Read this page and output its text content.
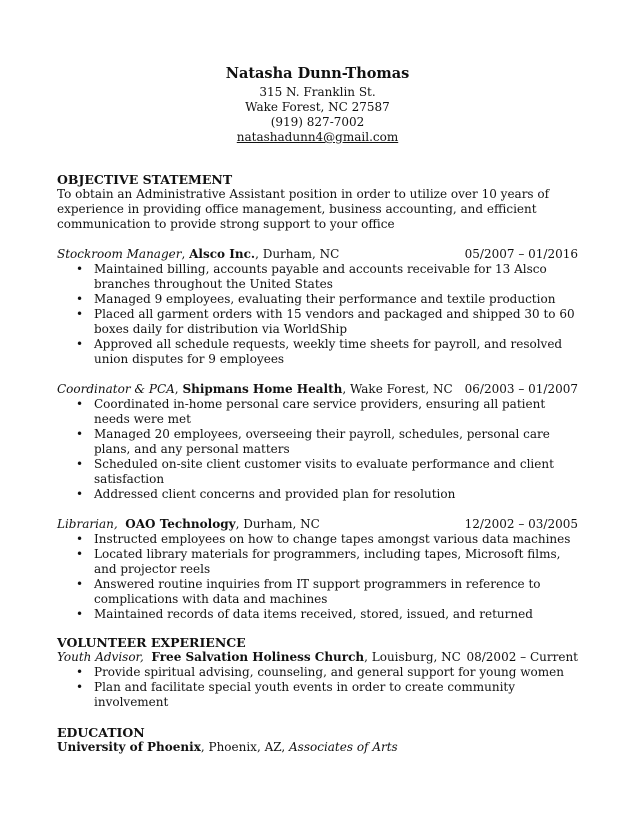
Natasha Dunn-Thomas
315 N. Franklin St.
Wake Forest, NC 27587
(919) 827-7002
natashadunn4@gmail.com
OBJECTIVE STATEMENT

To obtain an Administrative Assistant position in order to utilize over 10 years of experience in providing office management, business accounting, and efficient communication to provide strong support to your office

Stockroom Manager, Alsco Inc., Durham, NC	05/2007 – 01/2016
• Maintained billing, accounts payable and accounts receivable for 13 Alsco branches throughout the United States
• Managed 9 employees, evaluating their performance and textile production
• Placed all garment orders with 15 vendors and packaged and shipped 30 to 60 boxes daily for distribution via WorldShip
• Approved all schedule requests, weekly time sheets for payroll, and resolved union disputes for 9 employees
Coordinator & PCA, Shipmans Home Health, Wake Forest, NC 06/2003 – 01/2007
• Coordinated in-home personal care service providers, ensuring all patient needs were met
• Managed 20 employees, overseeing their payroll, schedules, personal care plans, and any personal matters
• Scheduled on-site client customer visits to evaluate performance and client satisfaction
• Addressed client concerns and provided plan for resolution
Librarian, OAO Technology, Durham, NC	12/2002 – 03/2005
• Instructed employees on how to change tapes amongst various data machines
• Located library materials for programmers, including tapes, Microsoft films, and projector reels
• Answered routine inquiries from IT support programmers in reference to complications with data and machines
• Maintained records of data items received, stored, issued, and returned
VOLUNTEER EXPERIENCE
Youth Advisor, Free Salvation Holiness Church, Louisburg, NC 08/2002 – Current
• Provide spiritual advising, counseling, and general support for young women
• Plan and facilitate special youth events in order to create community involvement
EDUCATION
University of Phoenix, Phoenix, AZ, Associates of Arts
